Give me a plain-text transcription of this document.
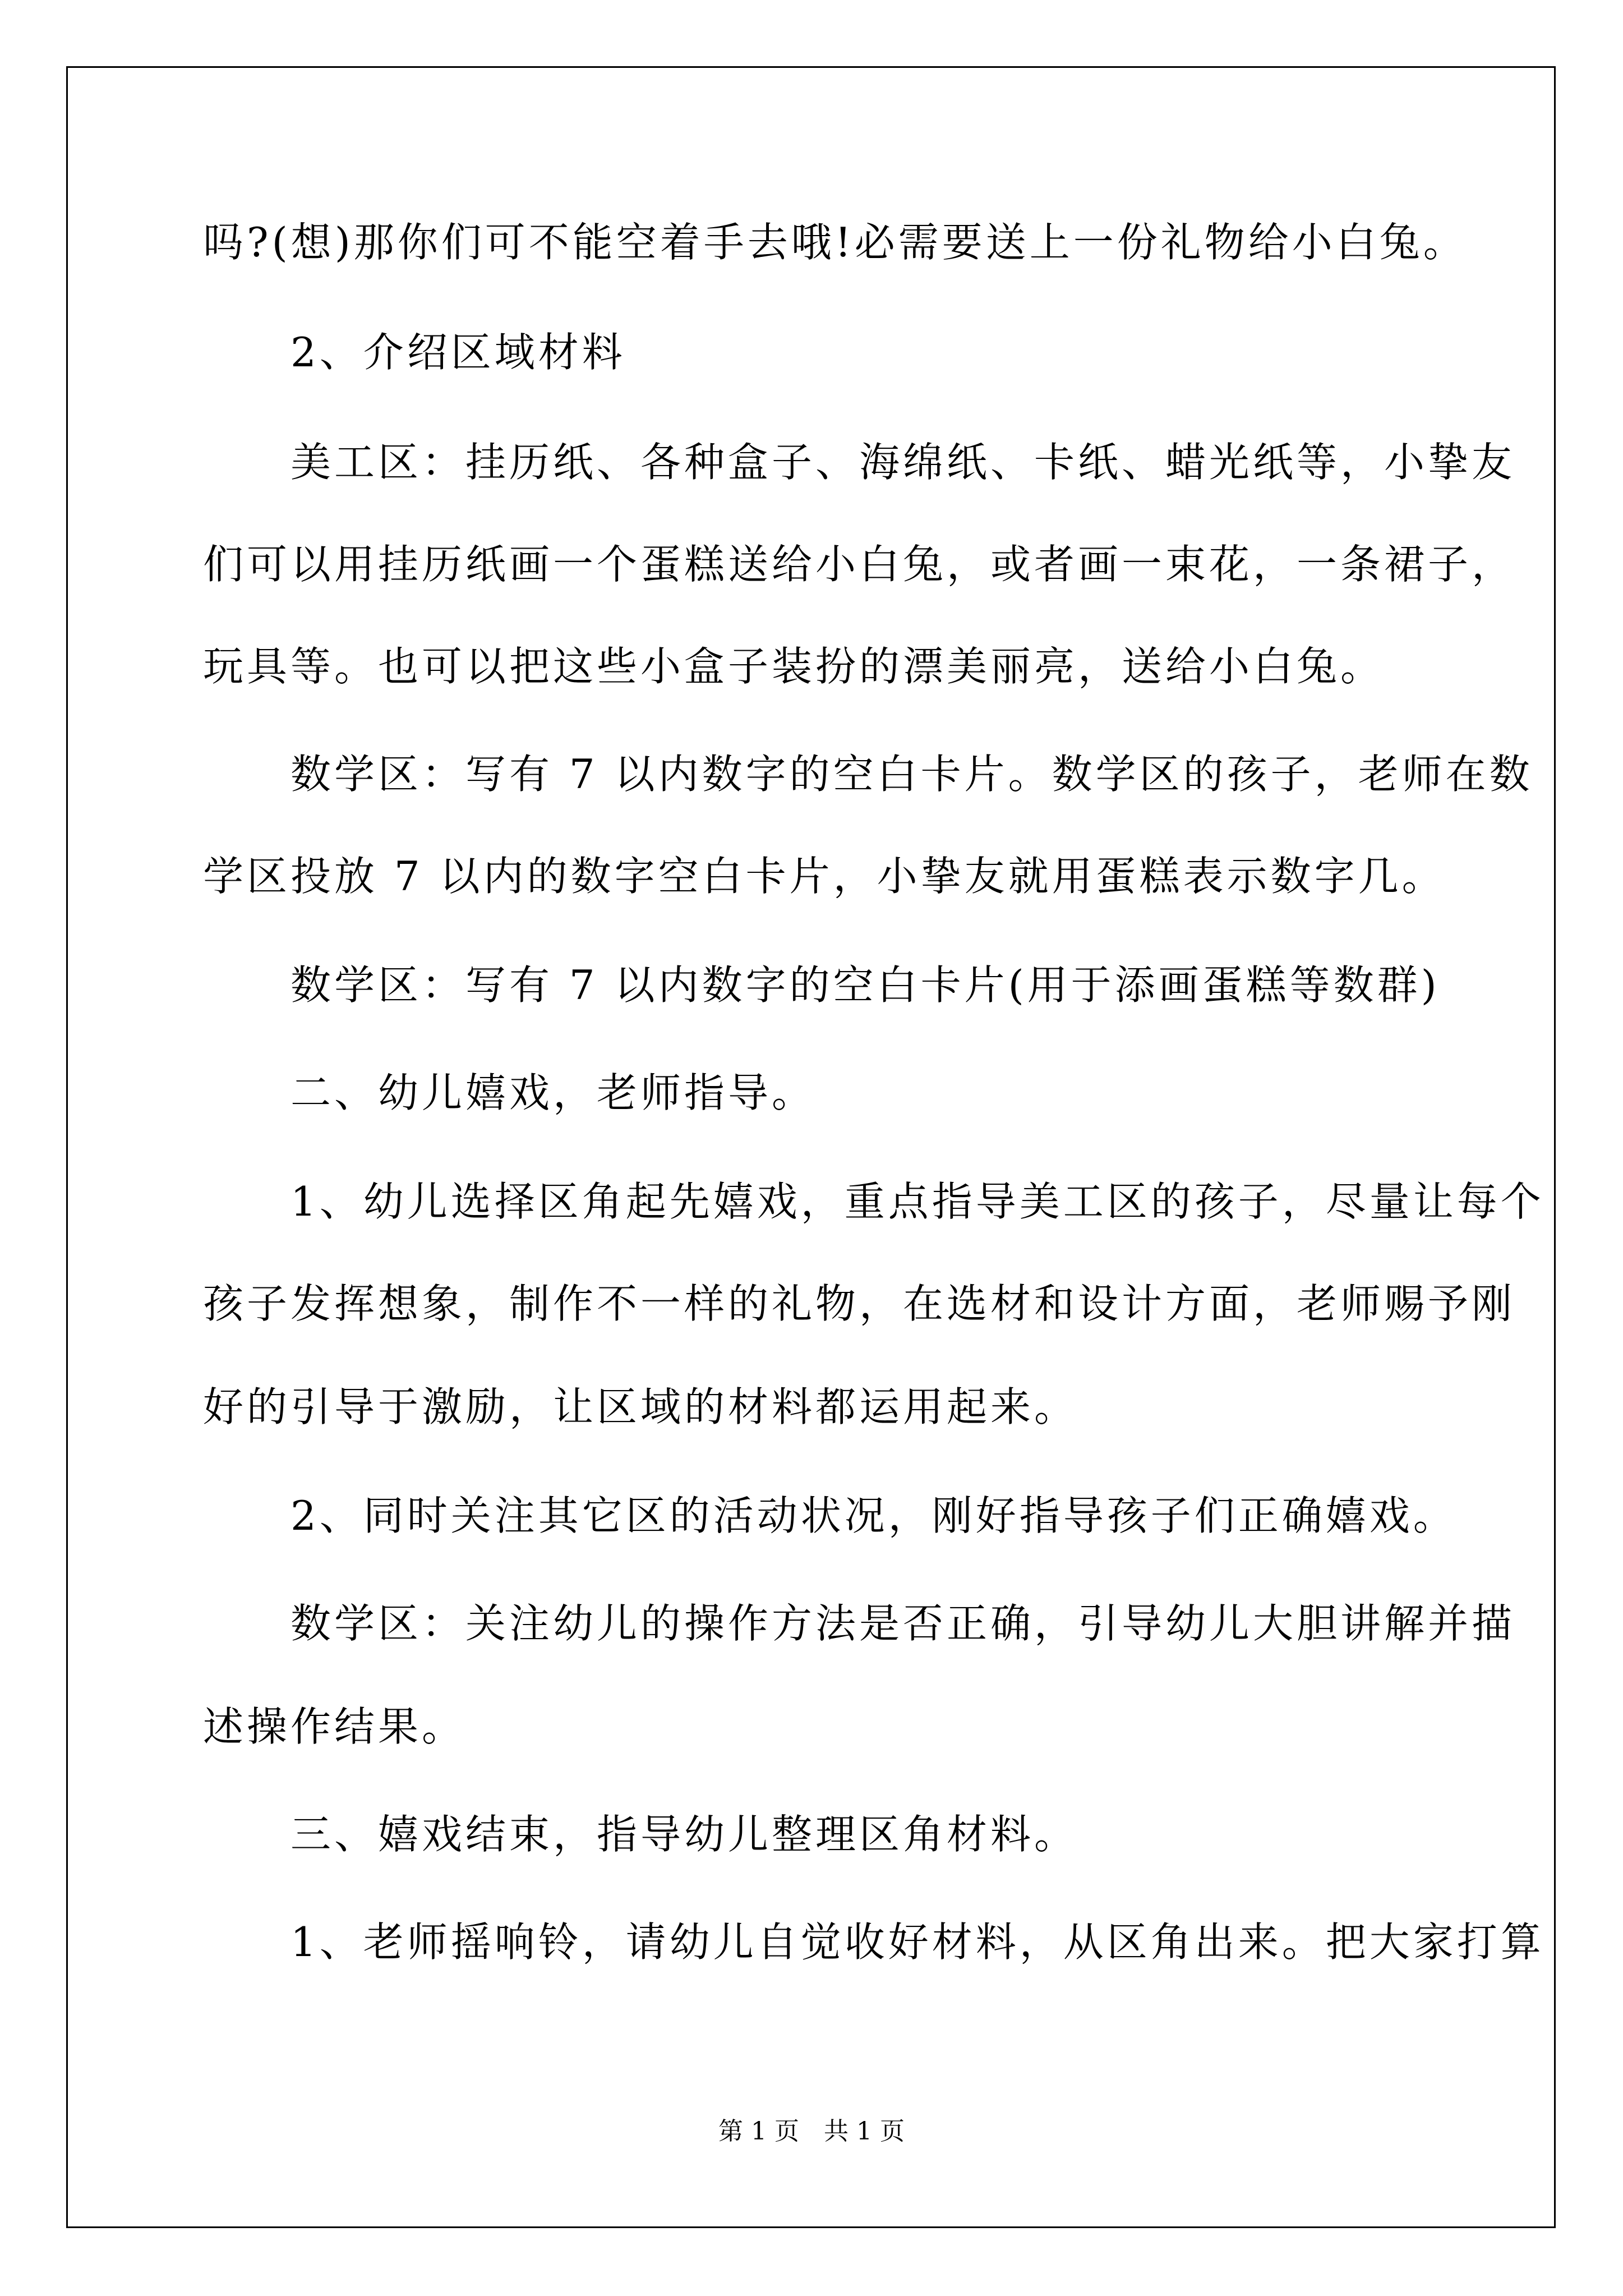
吗?(想)那你们可不能空着手去哦!必需要送上一份礼物给小白兔。

　　2、介绍区域材料

　　美工区：挂历纸、各种盒子、海绵纸、卡纸、蜡光纸等，小挚友

们可以用挂历纸画一个蛋糕送给小白兔，或者画一束花，一条裙子，

玩具等。也可以把这些小盒子装扮的漂美丽亮，送给小白兔。

　　数学区：写有 7 以内数字的空白卡片。数学区的孩子，老师在数

学区投放 7 以内的数字空白卡片，小挚友就用蛋糕表示数字几。

　　数学区：写有 7 以内数字的空白卡片(用于添画蛋糕等数群)

　　二、幼儿嬉戏，老师指导。

　　1、幼儿选择区角起先嬉戏，重点指导美工区的孩子，尽量让每个

孩子发挥想象，制作不一样的礼物，在选材和设计方面，老师赐予刚

好的引导于激励，让区域的材料都运用起来。

　　2、同时关注其它区的活动状况，刚好指导孩子们正确嬉戏。

　　数学区：关注幼儿的操作方法是否正确，引导幼儿大胆讲解并描

述操作结果。

　　三、嬉戏结束，指导幼儿整理区角材料。

　　1、老师摇响铃，请幼儿自觉收好材料，从区角出来。把大家打算

第 1 页　共 1 页
